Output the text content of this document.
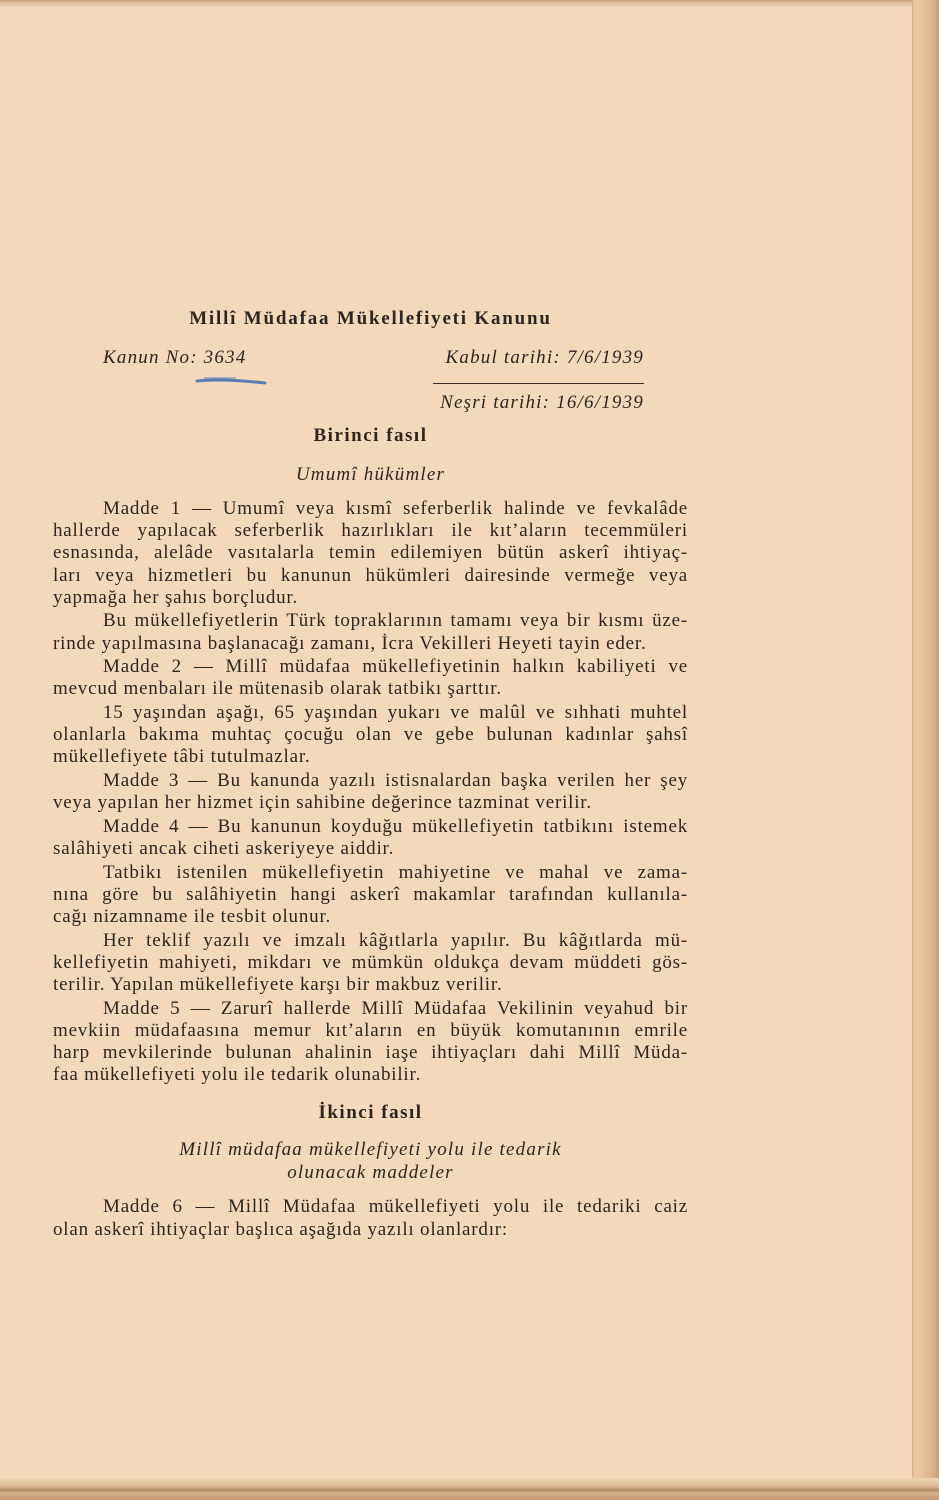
Millî Müdafaa Mükellefiyeti Kanunu
Kanun No: 3634	Kabul tarihi: 7/6/1939
Neşri tarihi: 16/6/1939
Birinci fasıl
Umumî hükümler
Madde 1 — Umumî veya kısmî seferberlik halinde ve fevkalâde
hallerde yapılacak seferberlik hazırlıkları ile kıt’aların tecemmüleri
esnasında, alelâde vasıtalarla temin edilemiyen bütün askerî ihtiyaç-
ları veya hizmetleri bu kanunun hükümleri dairesinde vermeğe veya
yapmağa her şahıs borçludur.
Bu mükellefiyetlerin Türk topraklarının tamamı veya bir kısmı üze-
rinde yapılmasına başlanacağı zamanı, İcra Vekilleri Heyeti tayin eder.
Madde 2 — Millî müdafaa mükellefiyetinin halkın kabiliyeti ve
mevcud menbaları ile mütenasib olarak tatbikı şarttır.
15 yaşından aşağı, 65 yaşından yukarı ve malûl ve sıhhati muhtel
olanlarla bakıma muhtaç çocuğu olan ve gebe bulunan kadınlar şahsî
mükellefiyete tâbi tutulmazlar.
Madde 3 — Bu kanunda yazılı istisnalardan başka verilen her şey
veya yapılan her hizmet için sahibine değerince tazminat verilir.
Madde 4 — Bu kanunun koyduğu mükellefiyetin tatbikını istemek
salâhiyeti ancak ciheti askeriyeye aiddir.
Tatbikı istenilen mükellefiyetin mahiyetine ve mahal ve zama-
nına göre bu salâhiyetin hangi askerî makamlar tarafından kullanıla-
cağı nizamname ile tesbit olunur.
Her teklif yazılı ve imzalı kâğıtlarla yapılır. Bu kâğıtlarda mü-
kellefiyetin mahiyeti, mikdarı ve mümkün oldukça devam müddeti gös-
terilir. Yapılan mükellefiyete karşı bir makbuz verilir.
Madde 5 — Zarurî hallerde Millî Müdafaa Vekilinin veyahud bir
mevkiin müdafaasına memur kıt’aların en büyük komutanının emrile
harp mevkilerinde bulunan ahalinin iaşe ihtiyaçları dahi Millî Müda-
faa mükellefiyeti yolu ile tedarik olunabilir.
İkinci fasıl
Millî müdafaa mükellefiyeti yolu ile tedarik
olunacak maddeler
Madde 6 — Millî Müdafaa mükellefiyeti yolu ile tedariki caiz
olan askerî ihtiyaçlar başlıca aşağıda yazılı olanlardır:
